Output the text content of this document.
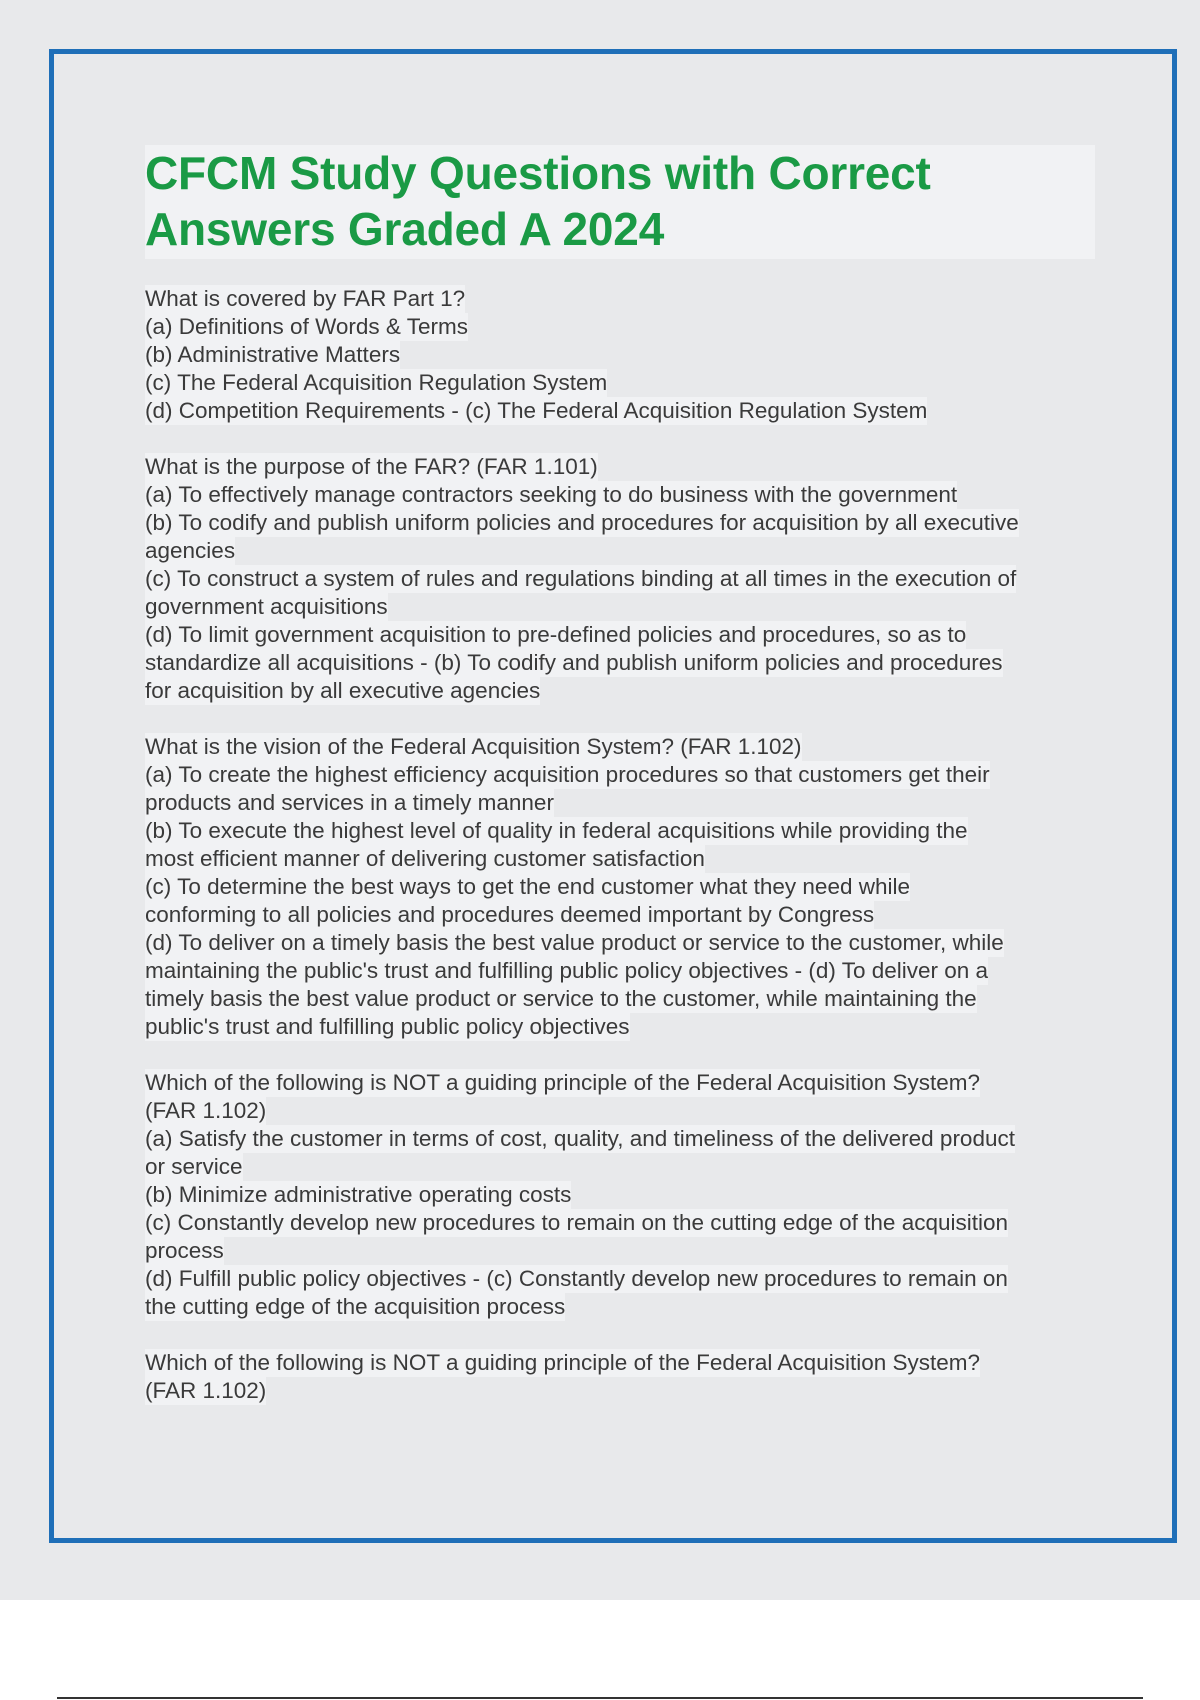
CFCM Study Questions with Correct
Answers Graded A 2024
What is covered by FAR Part 1?
(a) Definitions of Words & Terms
(b) Administrative Matters
(c) The Federal Acquisition Regulation System
(d) Competition Requirements - (c) The Federal Acquisition Regulation System
What is the purpose of the FAR? (FAR 1.101)
(a) To effectively manage contractors seeking to do business with the government
(b) To codify and publish uniform policies and procedures for acquisition by all executive
agencies
(c) To construct a system of rules and regulations binding at all times in the execution of
government acquisitions
(d) To limit government acquisition to pre-defined policies and procedures, so as to
standardize all acquisitions - (b) To codify and publish uniform policies and procedures
for acquisition by all executive agencies
What is the vision of the Federal Acquisition System? (FAR 1.102)
(a) To create the highest efficiency acquisition procedures so that customers get their
products and services in a timely manner
(b) To execute the highest level of quality in federal acquisitions while providing the
most efficient manner of delivering customer satisfaction
(c) To determine the best ways to get the end customer what they need while
conforming to all policies and procedures deemed important by Congress
(d) To deliver on a timely basis the best value product or service to the customer, while
maintaining the public's trust and fulfilling public policy objectives - (d) To deliver on a
timely basis the best value product or service to the customer, while maintaining the
public's trust and fulfilling public policy objectives
Which of the following is NOT a guiding principle of the Federal Acquisition System?
(FAR 1.102)
(a) Satisfy the customer in terms of cost, quality, and timeliness of the delivered product
or service
(b) Minimize administrative operating costs
(c) Constantly develop new procedures to remain on the cutting edge of the acquisition
process
(d) Fulfill public policy objectives - (c) Constantly develop new procedures to remain on
the cutting edge of the acquisition process
Which of the following is NOT a guiding principle of the Federal Acquisition System?
(FAR 1.102)
